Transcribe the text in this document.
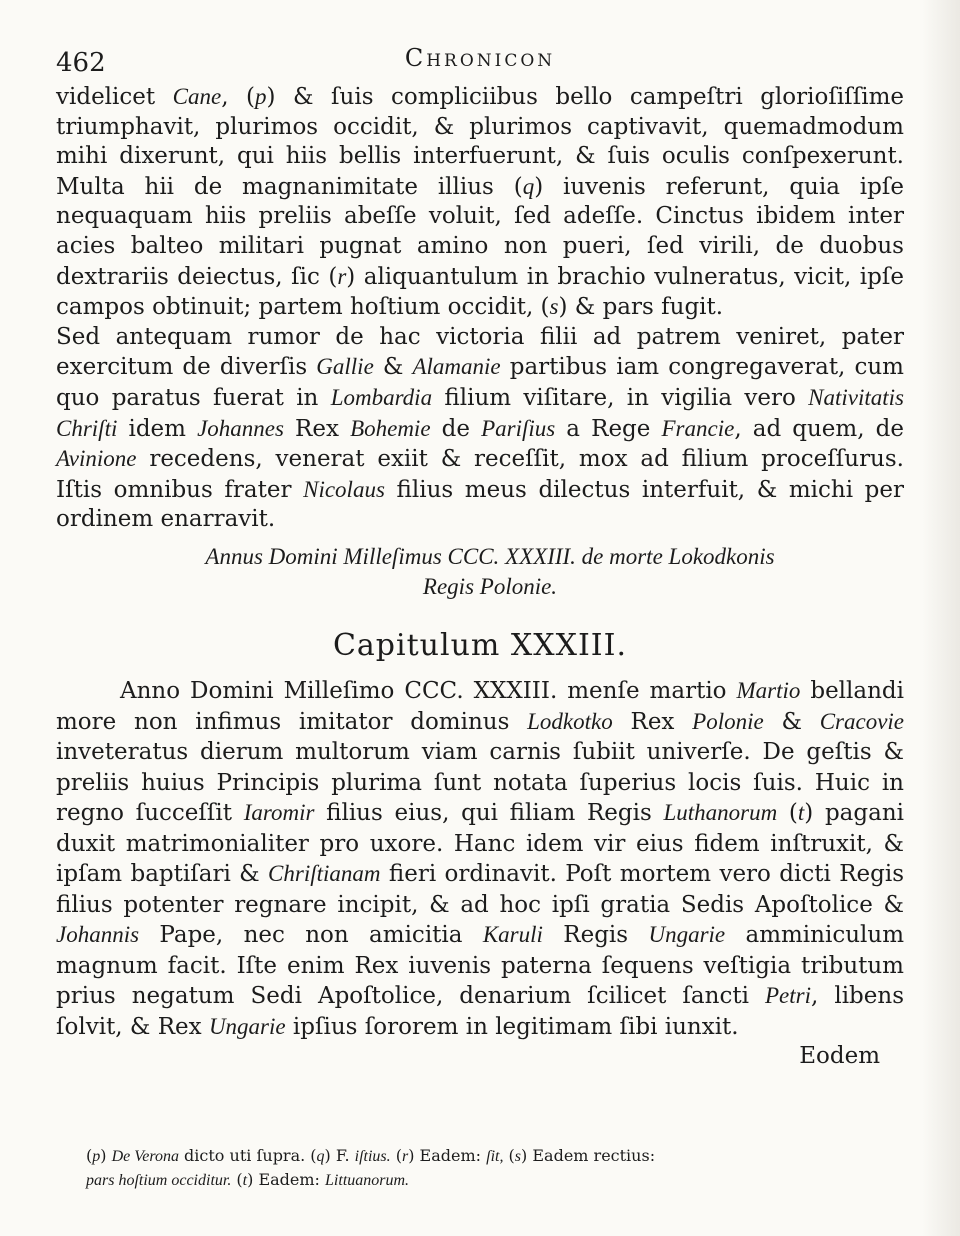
462	Chronicon

videlicet Cane, (p) & ſuis compliciibus bello campeſtri glorioſiſſime triumphavit, plurimos occidit, & plurimos captivavit, quemadmodum mihi dixerunt, qui hiis bellis interfuerunt, & ſuis oculis conſpexerunt. Multa hii de magnanimitate illius (q) iuvenis referunt, quia ipſe nequaquam hiis preliis abeſſe voluit, ſed adeſſe. Cinctus ibidem inter acies balteo militari pugnat amino non pueri, ſed virili, de duobus dextrariis deiectus, ſic (r) aliquantulum in brachio vulneratus, vicit, ipſe campos obtinuit; partem hoſtium occidit, (s) & pars fugit.

Sed antequam rumor de hac victoria filii ad patrem veniret, pater exercitum de diverſis Gallie & Alamanie partibus iam congregaverat, cum quo paratus fuerat in Lombardia filium viſitare, in vigilia vero Nativitatis Chriſti idem Johannes Rex Bohemie de Pariſius a Rege Francie, ad quem, de Avinione recedens, venerat exiit & receſſit, mox ad filium proceſſurus. Iſtis omnibus frater Nicolaus filius meus dilectus interfuit, & michi per ordinem enarravit.

Annus Domini Milleſimus CCC. XXXIII. de morte Lokodkonis
Regis Polonie.
Capitulum XXXIII.

Anno Domini Milleſimo CCC. XXXIII. menſe martio Martio bellandi more non infimus imitator dominus Lodkotko Rex Polonie & Cracovie inveteratus dierum multorum viam carnis ſubiit univerſe. De geſtis & preliis huius Principis plurima ſunt notata ſuperius locis ſuis. Huic in regno ſucceſſit Iaromir filius eius, qui filiam Regis Luthanorum (t) pagani duxit matrimonialiter pro uxore. Hanc idem vir eius fidem inſtruxit, & ipſam baptiſari & Chriſtianam fieri ordinavit. Poſt mortem vero dicti Regis filius potenter regnare incipit, & ad hoc ipſi gratia Sedis Apoſtolice & Johannis Pape, nec non amicitia Karuli Regis Ungarie amminiculum magnum facit. Iſte enim Rex iuvenis paterna ſequens veſtigia tributum prius negatum Sedi Apoſtolice, denarium ſcilicet ſancti Petri, libens ſolvit, & Rex Ungarie ipſius ſororem in legitimam ſibi iunxit.

Eodem

(p) De Verona dicto uti ſupra. (q) F. iſtius. (r) Eadem: ſit, (s) Eadem rectius:

pars hoſtium occiditur. (t) Eadem: Littuanorum.
